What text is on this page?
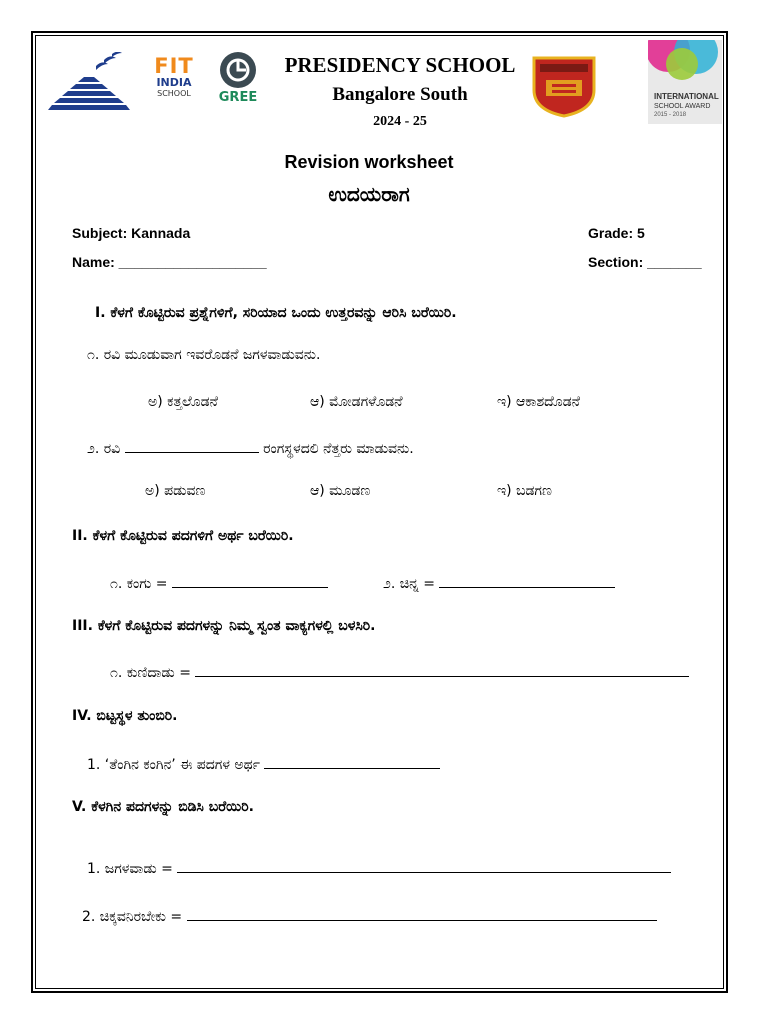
FIT
INDIA
SCHOOL	GREE
PRESIDENCY SCHOOL
Bangalore South
2024 - 25
INTERNATIONAL
SCHOOL AWARD
2015 - 2018
Revision worksheet
ಉದಯರಾಗ
Subject: Kannada	Grade: 5
Name: ___________________	Section: _______
I. ಕೆಳಗೆ ಕೊಟ್ಟಿರುವ ಪ್ರಶ್ನೆಗಳಿಗೆ, ಸರಿಯಾದ ಒಂದು ಉತ್ತರವನ್ನು ಆರಿಸಿ ಬರೆಯಿರಿ.
೧. ರವಿ ಮೂಡುವಾಗ ಇವರೊಡನೆ ಜಗಳವಾಡುವನು.
ಅ) ಕತ್ತಲೊಡನೆ	ಆ) ಮೋಡಗಳೊಡನೆ	ಇ) ಆಕಾಶದೊಡನೆ
೨. ರವಿ	ರಂಗಸ್ಥಳದಲಿ ನೆತ್ತರು ಮಾಡುವನು.
ಅ) ಪಡುವಣ	ಆ) ಮೂಡಣ	ಇ) ಬಡಗಣ
II. ಕೆಳಗೆ ಕೊಟ್ಟಿರುವ ಪದಗಳಿಗೆ ಅರ್ಥ ಬರೆಯಿರಿ.
೧. ಕಂಗು =	೨. ಚಿನ್ನ =
III. ಕೆಳಗೆ ಕೊಟ್ಟಿರುವ ಪದಗಳನ್ನು ನಿಮ್ಮ ಸ್ವಂತ ವಾಕ್ಯಗಳಲ್ಲಿ ಬಳಸಿರಿ.
೧. ಕುಣಿದಾಡು =
IV. ಬಿಟ್ಟಸ್ಥಳ ತುಂಬಿರಿ.
1. ‘ತೆಂಗಿನ ಕಂಗಿನ’ ಈ ಪದಗಳ ಅರ್ಥ
V. ಕೆಳಗಿನ ಪದಗಳನ್ನು ಬಿಡಿಸಿ ಬರೆಯಿರಿ.
1. ಜಗಳವಾಡು =
2. ಚಿಕ್ಕವನಿರಬೇಕು =
